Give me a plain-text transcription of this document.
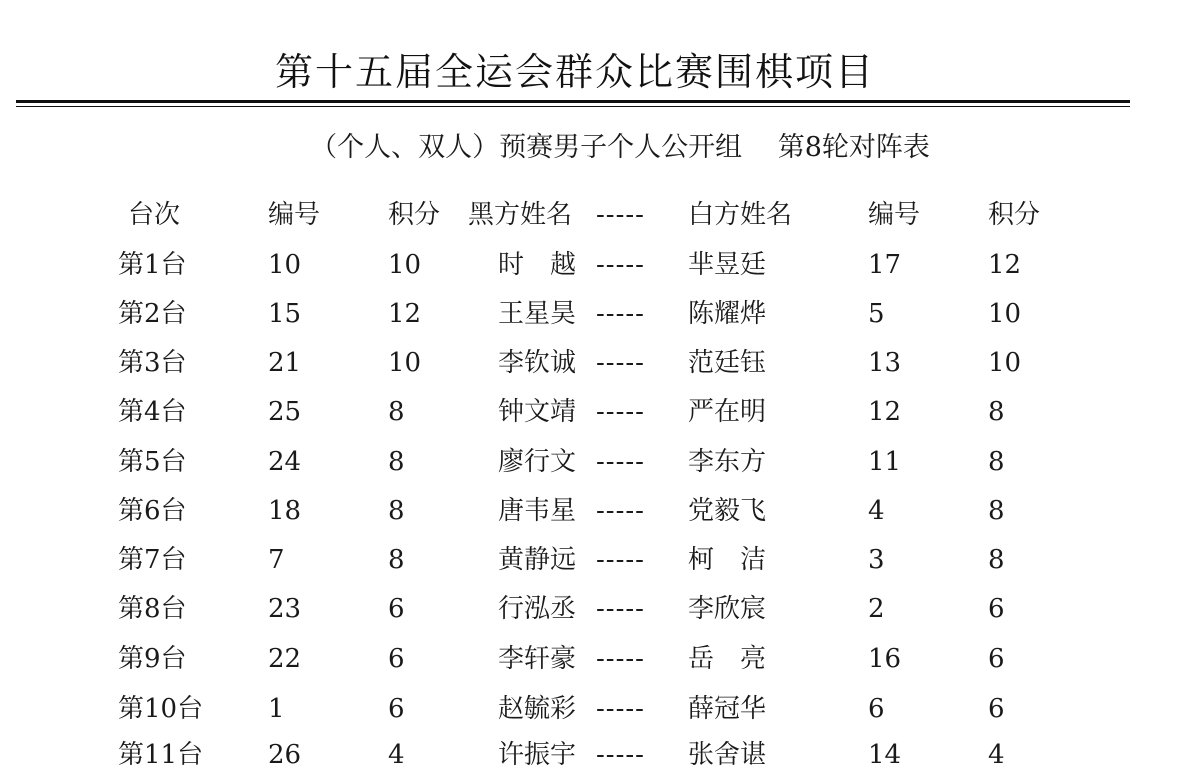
第十五届全运会群众比赛围棋项目
（个人、双人）预赛男子个人公开组　 第8轮对阵表
台次	编号	积分 黑方姓名 ----- 白方姓名	编号	积分
第1台	10	10	时　越 ----- 芈昱廷	17	12
第2台	15	12	王星昊 ----- 陈耀烨	5	10
第3台	21	10	李钦诚 ----- 范廷钰	13	10
第4台	25	8	钟文靖 ----- 严在明	12	8
第5台	24	8	廖行文 ----- 李东方	11	8
第6台	18	8	唐韦星 ----- 党毅飞	4	8
第7台	7	8	黄静远 ----- 柯　洁	3	8
第8台	23	6	行泓丞 ----- 李欣宸	2	6
第9台	22	6	李轩豪 ----- 岳　亮	16	6
第10台 1	6	赵毓彩 ----- 薛冠华	6	6
第11台 26	4	许振宇 ----- 张舍谌	14	4
